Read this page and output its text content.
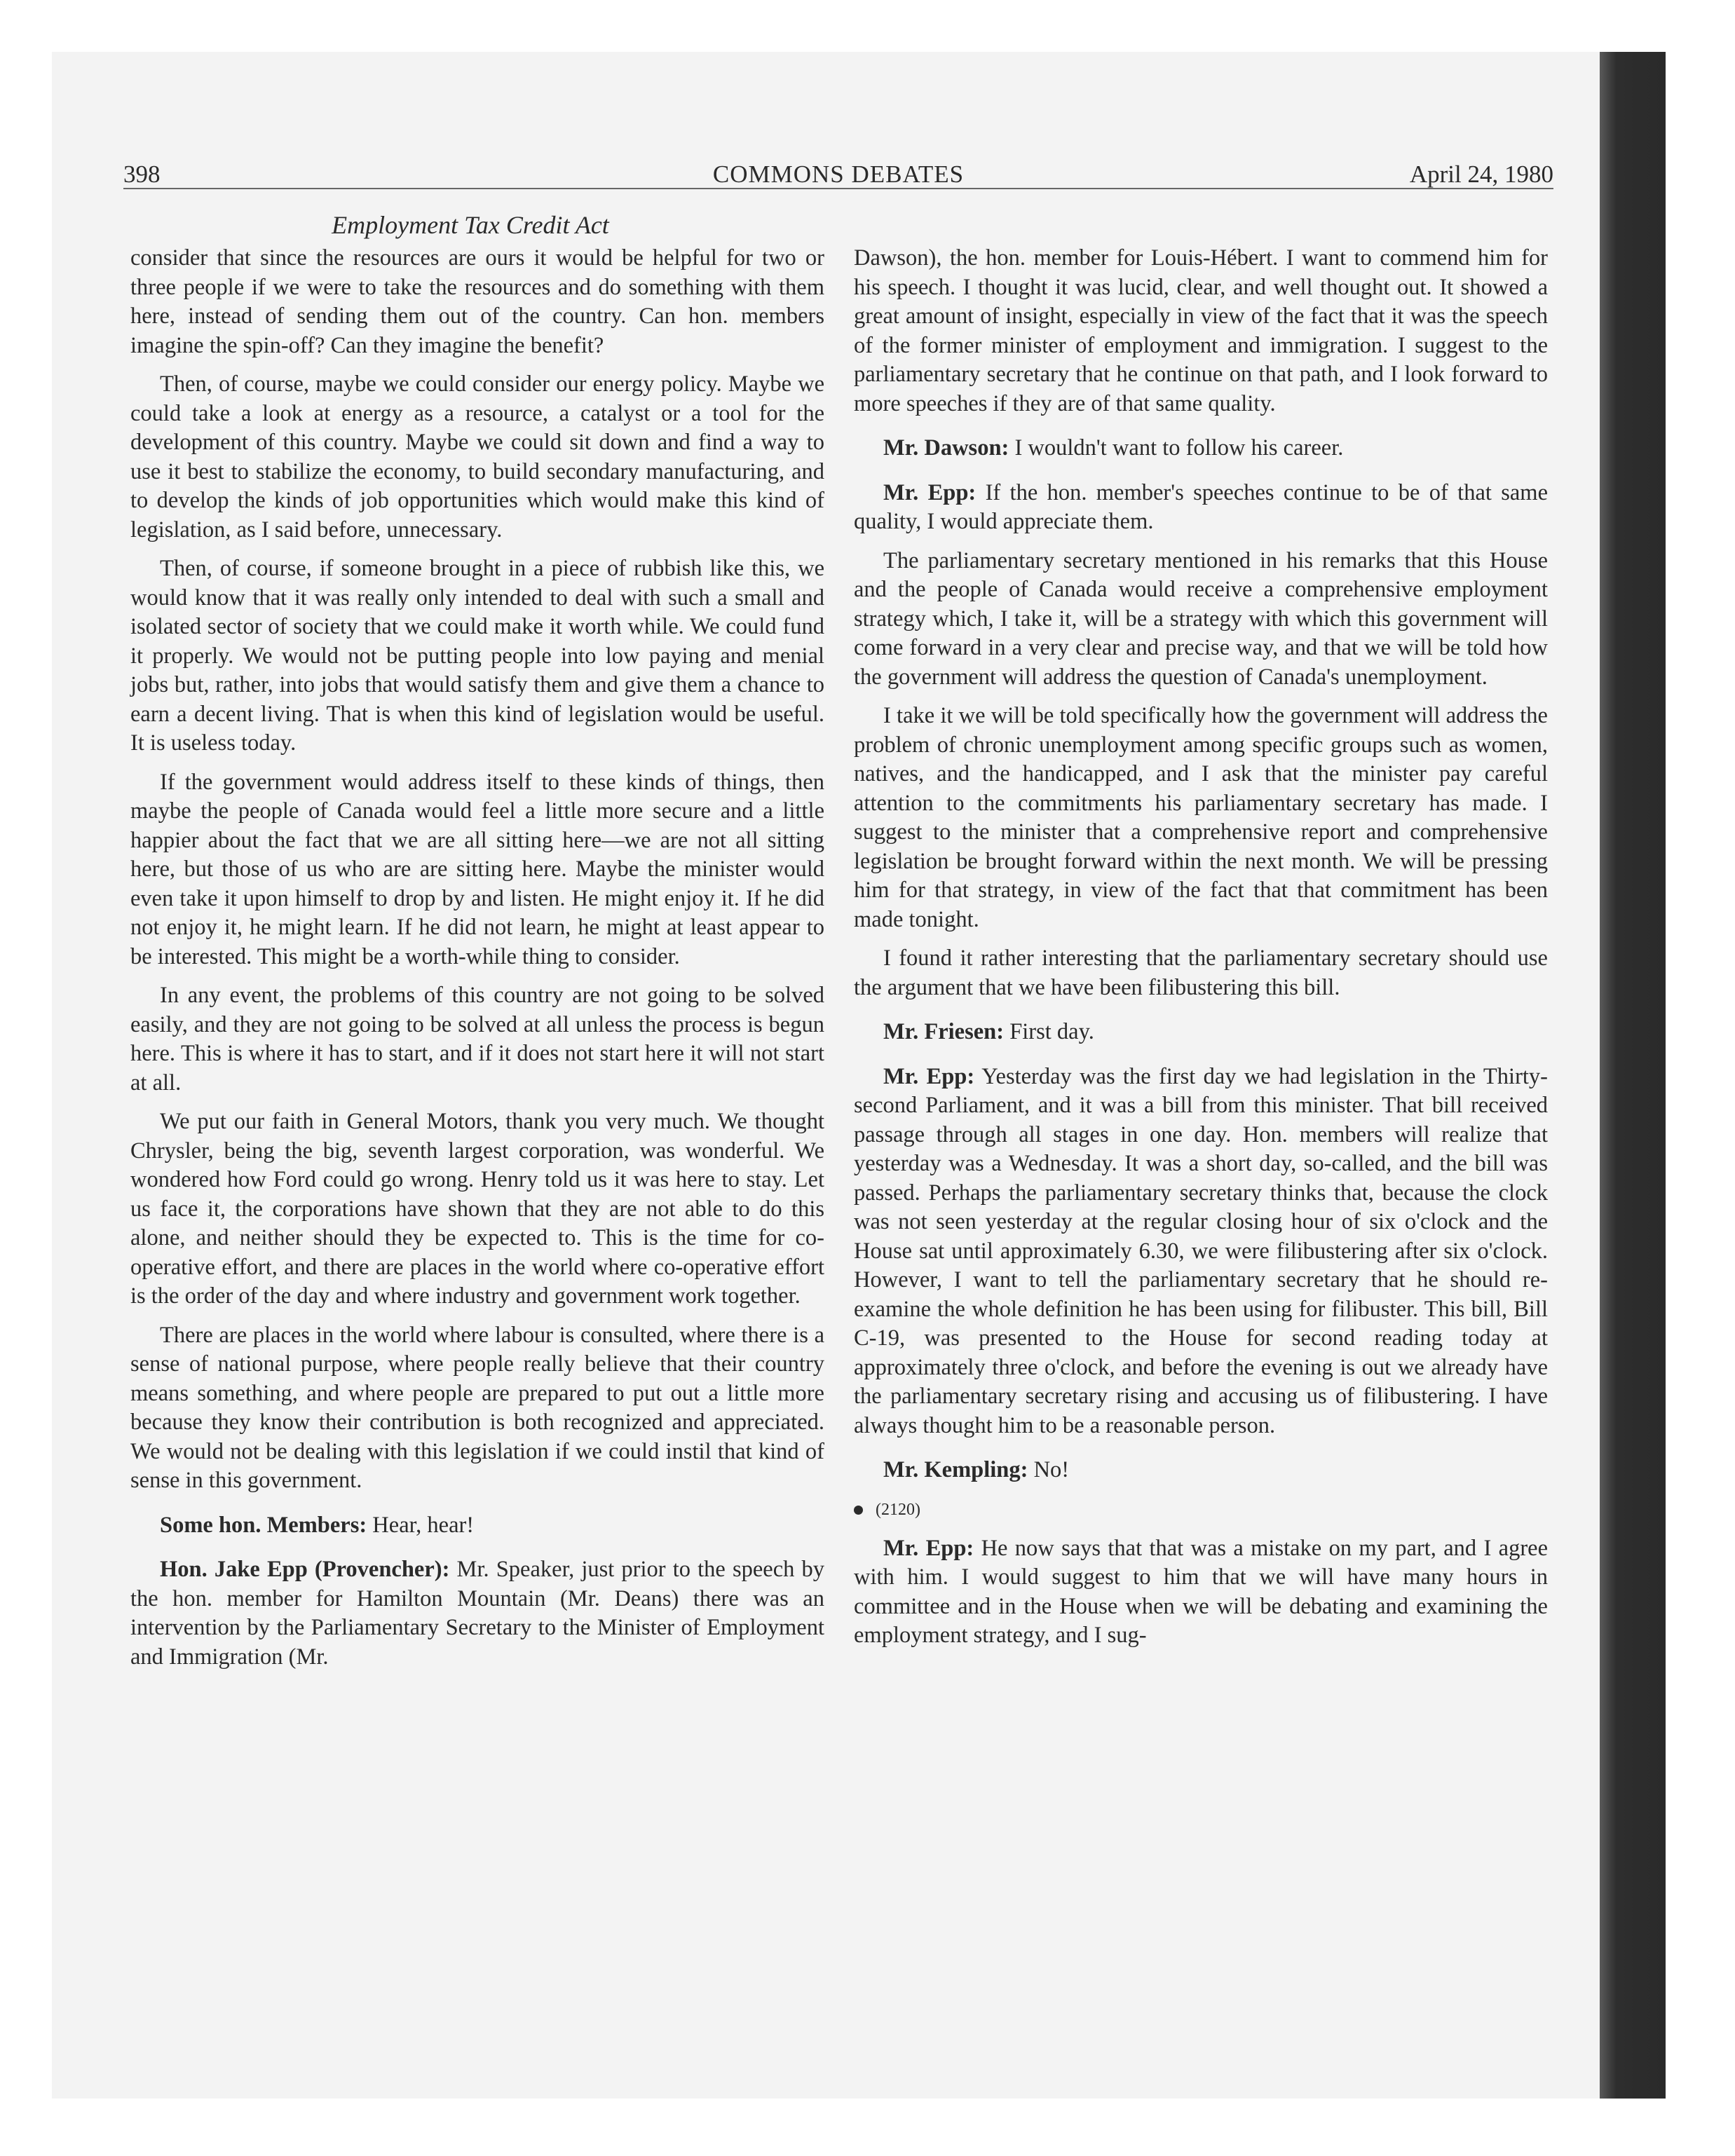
398	COMMONS DEBATES	April 24, 1980
Employment Tax Credit Act

consider that since the resources are ours it would be helpful for two or three people if we were to take the resources and do something with them here, instead of sending them out of the country. Can hon. members imagine the spin-off? Can they imagine the benefit?

Then, of course, maybe we could consider our energy policy. Maybe we could take a look at energy as a resource, a catalyst or a tool for the development of this country. Maybe we could sit down and find a way to use it best to stabilize the economy, to build secondary manufacturing, and to develop the kinds of job opportunities which would make this kind of legislation, as I said before, unnecessary.

Then, of course, if someone brought in a piece of rubbish like this, we would know that it was really only intended to deal with such a small and isolated sector of society that we could make it worth while. We could fund it properly. We would not be putting people into low paying and menial jobs but, rather, into jobs that would satisfy them and give them a chance to earn a decent living. That is when this kind of legislation would be useful. It is useless today.

If the government would address itself to these kinds of things, then maybe the people of Canada would feel a little more secure and a little happier about the fact that we are all sitting here—we are not all sitting here, but those of us who are are sitting here. Maybe the minister would even take it upon himself to drop by and listen. He might enjoy it. If he did not enjoy it, he might learn. If he did not learn, he might at least appear to be interested. This might be a worth-while thing to consider.

In any event, the problems of this country are not going to be solved easily, and they are not going to be solved at all unless the process is begun here. This is where it has to start, and if it does not start here it will not start at all.

We put our faith in General Motors, thank you very much. We thought Chrysler, being the big, seventh largest corporation, was wonderful. We wondered how Ford could go wrong. Henry told us it was here to stay. Let us face it, the corporations have shown that they are not able to do this alone, and neither should they be expected to. This is the time for co-operative effort, and there are places in the world where co-operative effort is the order of the day and where industry and government work together.

There are places in the world where labour is consulted, where there is a sense of national purpose, where people really believe that their country means something, and where people are prepared to put out a little more because they know their contribution is both recognized and appreciated. We would not be dealing with this legislation if we could instil that kind of sense in this government.

Some hon. Members: Hear, hear!

Hon. Jake Epp (Provencher): Mr. Speaker, just prior to the speech by the hon. member for Hamilton Mountain (Mr. Deans) there was an intervention by the Parliamentary Secretary to the Minister of Employment and Immigration (Mr.

Dawson), the hon. member for Louis-Hébert. I want to commend him for his speech. I thought it was lucid, clear, and well thought out. It showed a great amount of insight, especially in view of the fact that it was the speech of the former minister of employment and immigration. I suggest to the parliamentary secretary that he continue on that path, and I look forward to more speeches if they are of that same quality.

Mr. Dawson: I wouldn't want to follow his career.

Mr. Epp: If the hon. member's speeches continue to be of that same quality, I would appreciate them.

The parliamentary secretary mentioned in his remarks that this House and the people of Canada would receive a comprehensive employment strategy which, I take it, will be a strategy with which this government will come forward in a very clear and precise way, and that we will be told how the government will address the question of Canada's unemployment.

I take it we will be told specifically how the government will address the problem of chronic unemployment among specific groups such as women, natives, and the handicapped, and I ask that the minister pay careful attention to the commitments his parliamentary secretary has made. I suggest to the minister that a comprehensive report and comprehensive legislation be brought forward within the next month. We will be pressing him for that strategy, in view of the fact that that commitment has been made tonight.

I found it rather interesting that the parliamentary secretary should use the argument that we have been filibustering this bill.

Mr. Friesen: First day.

Mr. Epp: Yesterday was the first day we had legislation in the Thirty-second Parliament, and it was a bill from this minister. That bill received passage through all stages in one day. Hon. members will realize that yesterday was a Wednesday. It was a short day, so-called, and the bill was passed. Perhaps the parliamentary secretary thinks that, because the clock was not seen yesterday at the regular closing hour of six o'clock and the House sat until approximately 6.30, we were filibustering after six o'clock. However, I want to tell the parliamentary secretary that he should re-examine the whole definition he has been using for filibuster. This bill, Bill C-19, was presented to the House for second reading today at approximately three o'clock, and before the evening is out we already have the parliamentary secretary rising and accusing us of filibustering. I have always thought him to be a reasonable person.

Mr. Kempling: No!

(2120)

Mr. Epp: He now says that that was a mistake on my part, and I agree with him. I would suggest to him that we will have many hours in committee and in the House when we will be debating and examining the employment strategy, and I sug-
